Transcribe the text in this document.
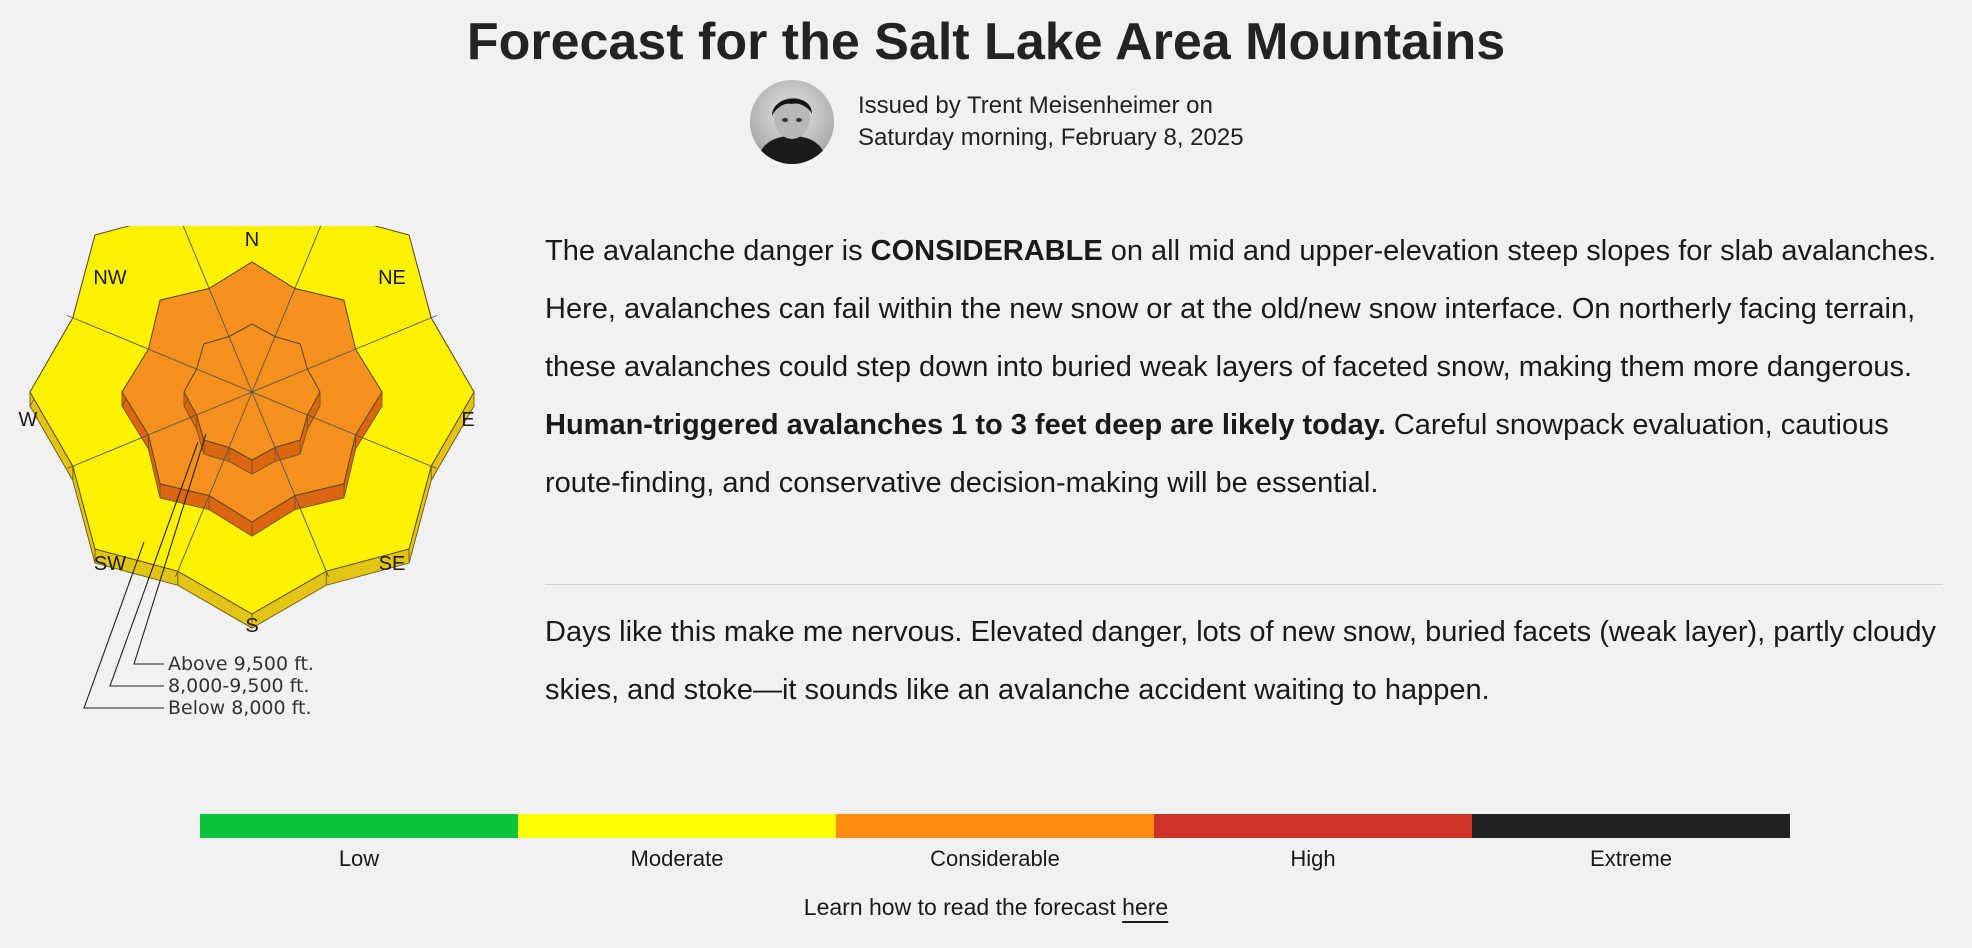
Forecast for the Salt Lake Area Mountains
Issued by Trent Meisenheimer on
Saturday morning, February 8, 2025
N
NE
E
SE
S
SW
W
NW
Above 9,500 ft.
8,000-9,500 ft.
Below 8,000 ft.

The avalanche danger is CONSIDERABLE on all mid and upper-elevation steep slopes for slab avalanches. Here, avalanches can fail within the new snow or at the old/new snow interface. On northerly facing terrain, these avalanches could step down into buried weak layers of faceted snow, making them more dangerous. Human-triggered avalanches 1 to 3 feet deep are likely today. Careful snowpack evaluation, cautious route-finding, and conservative decision-making will be essential.

Days like this make me nervous. Elevated danger, lots of new snow, buried facets (weak layer), partly cloudy skies, and stoke—it sounds like an avalanche accident waiting to happen.

Low	Moderate	Considerable	High	Extreme
Learn how to read the forecast here
